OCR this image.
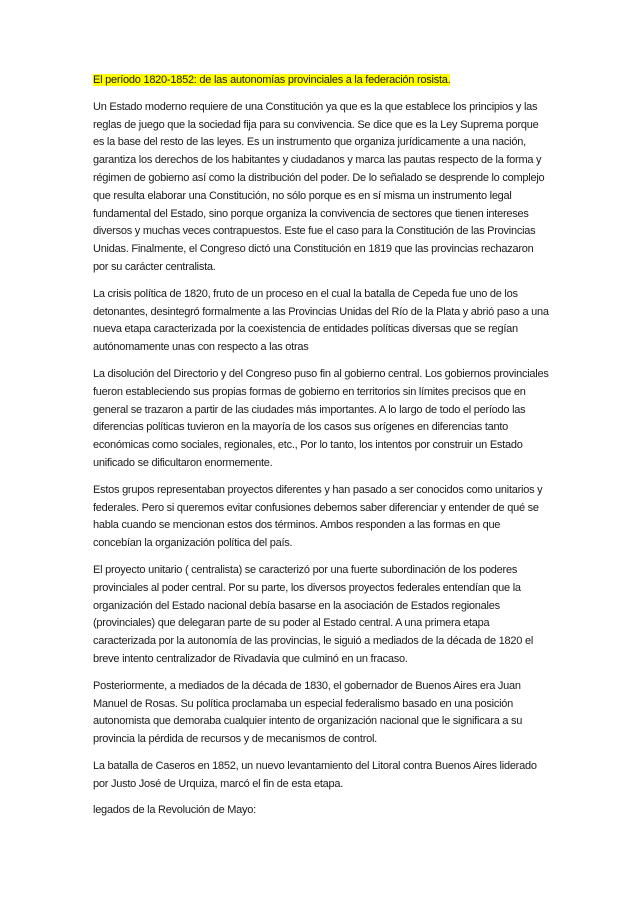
El período 1820-1852: de las autonomías provinciales a la federación rosista.

Un Estado moderno requiere de una Constitución ya que es la que establece los principios y las reglas de juego que la sociedad fija para su convivencia. Se dice que es la Ley Suprema porque es la base del resto de las leyes. Es un instrumento que organiza jurídicamente a una nación, garantiza los derechos de los habitantes y ciudadanos y marca las pautas respecto de la forma y régimen de gobierno así como la distribución del poder. De lo señalado se desprende lo complejo que resulta elaborar una Constitución, no sólo porque es en sí misma un instrumento legal fundamental del Estado, sino porque organiza la convivencia de sectores que tienen intereses diversos y muchas veces contrapuestos. Este fue el caso para la Constitución de las Provincias Unidas. Finalmente, el Congreso dictó una Constitución en 1819 que las provincias rechazaron por su carácter centralista.

La crisis política de 1820, fruto de un proceso en el cual la batalla de Cepeda fue uno de los detonantes, desintegró formalmente a las Provincias Unidas del Río de la Plata y abrió paso a una nueva etapa caracterizada por la coexistencia de entidades políticas diversas que se regían autónomamente unas con respecto a las otras

La disolución del Directorio y del Congreso puso fin al gobierno central. Los gobiernos provinciales fueron estableciendo sus propias formas de gobierno en territorios sin límites precisos que en general se trazaron a partir de las ciudades más importantes. A lo largo de todo el período las diferencias políticas tuvieron en la mayoría de los casos sus orígenes en diferencias tanto económicas como sociales, regionales, etc., Por lo tanto, los intentos por construir un Estado unificado se dificultaron enormemente.

Estos grupos representaban proyectos diferentes y han pasado a ser conocidos como unitarios y federales. Pero si queremos evitar confusiones debemos saber diferenciar y entender de qué se habla cuando se mencionan estos dos términos. Ambos responden a las formas en que concebían la organización política del país.

El proyecto unitario ( centralista) se caracterizó por una fuerte subordinación de los poderes provinciales al poder central. Por su parte, los diversos proyectos federales entendían que la organización del Estado nacional debía basarse en la asociación de Estados regionales (provinciales) que delegaran parte de su poder al Estado central. A una primera etapa caracterizada por la autonomía de las provincias, le siguió a mediados de la década de 1820 el breve intento centralizador de Rivadavia que culminó en un fracaso.

Posteriormente, a mediados de la década de 1830, el gobernador de Buenos Aires era Juan Manuel de Rosas. Su política proclamaba un especial federalismo basado en una posición autonomista que demoraba cualquier intento de organización nacional que le significara a su provincia la pérdida de recursos y de mecanismos de control.

La batalla de Caseros en 1852, un nuevo levantamiento del Litoral contra Buenos Aires liderado por Justo José de Urquiza, marcó el fin de esta etapa.

legados de la Revolución de Mayo:
